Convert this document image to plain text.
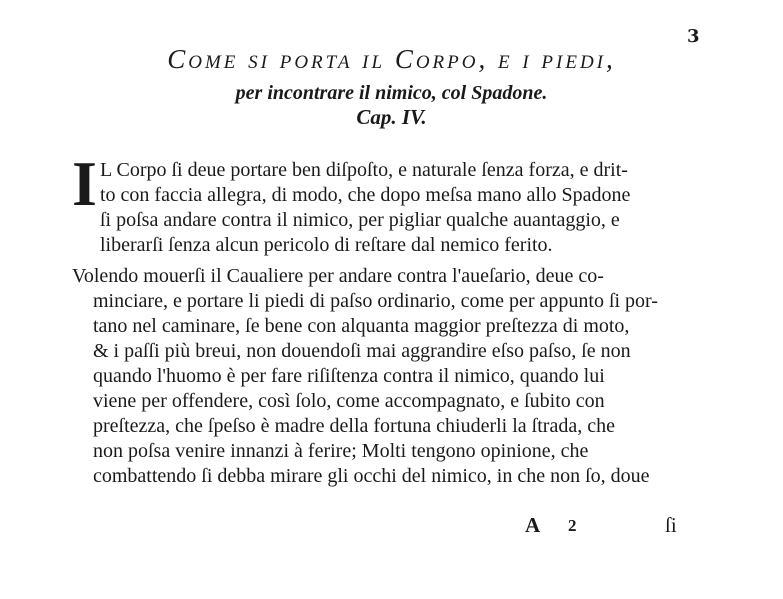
3
Come si porta il Corpo, e i piedi,
per incontrare il nimico, col Spadone.
Cap. IV.
I L Corpo ſi deue portare ben diſpoſto, e naturale ſenza forza, e drit-
to con faccia allegra, di modo, che dopo meſsa mano allo Spadone
ſi poſsa andare contra il nimico, per pigliar qualche auantaggio, e
liberarſi ſenza alcun pericolo di reſtare dal nemico ferito.
Volendo mouerſi il Caualiere per andare contra l'aueſario, deue co-
minciare, e portare li piedi di paſso ordinario, come per appunto ſi por-
tano nel caminare, ſe bene con alquanta maggior preſtezza di moto,
& i paſſi più breui, non douendoſi mai aggrandire eſso paſso, ſe non
quando l'huomo è per fare riſiſtenza contra il nimico, quando lui
viene per offendere, così ſolo, come accompagnato, e ſubito con
preſtezza, che ſpeſso è madre della fortuna chiuderli la ſtrada, che
non poſsa venire innanzi à ferire; Molti tengono opinione, che
combattendo ſi debba mirare gli occhi del nimico, in che non ſo, doue
A 2	ſi
